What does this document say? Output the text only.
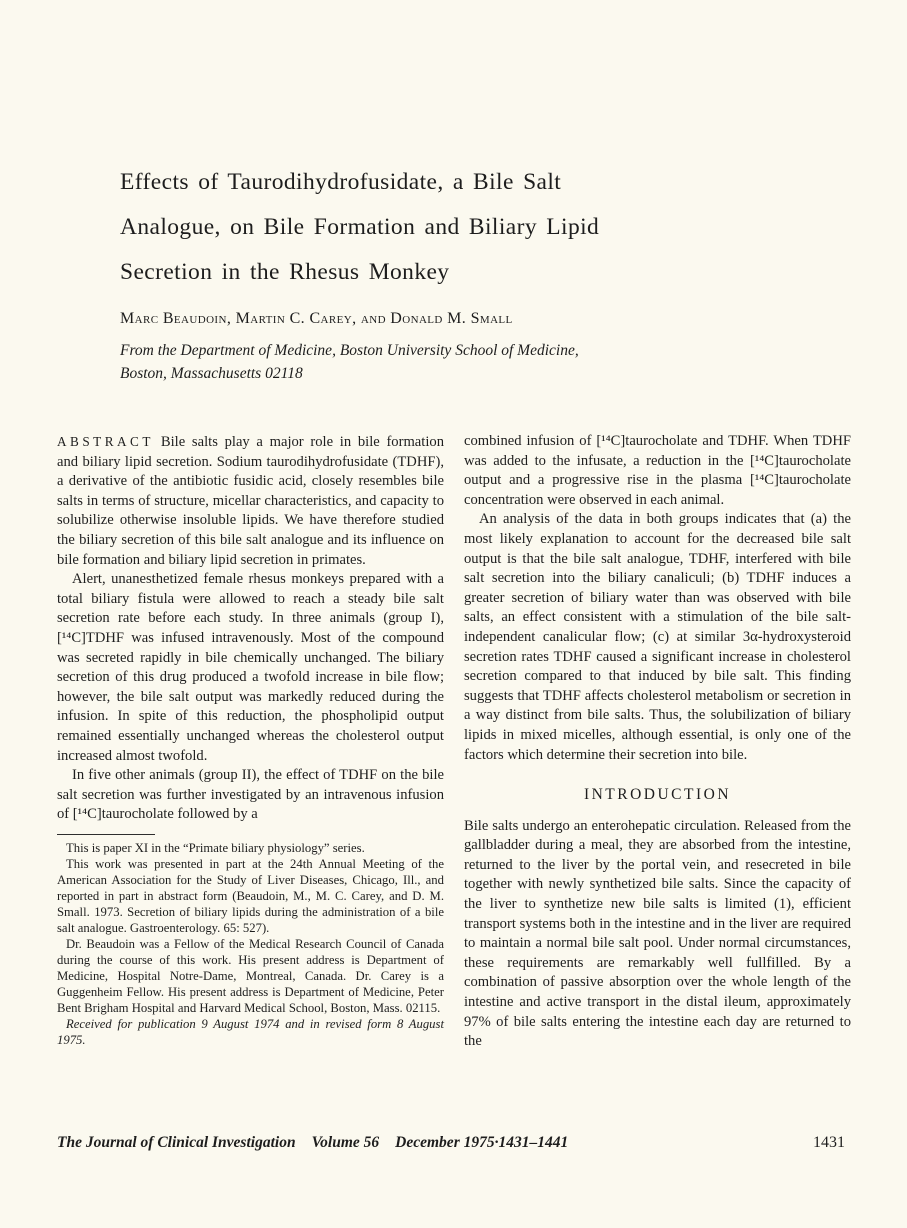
Effects of Taurodihydrofusidate, a Bile Salt
Analogue, on Bile Formation and Biliary Lipid
Secretion in the Rhesus Monkey
Marc Beaudoin, Martin C. Carey, and Donald M. Small
From the Department of Medicine, Boston University School of Medicine,
Boston, Massachusetts 02118

ABSTRACT Bile salts play a major role in bile formation and biliary lipid secretion. Sodium taurodihydrofusidate (TDHF), a derivative of the antibiotic fusidic acid, closely resembles bile salts in terms of structure, micellar characteristics, and capacity to solubilize otherwise insoluble lipids. We have therefore studied the biliary secretion of this bile salt analogue and its influence on bile formation and biliary lipid secretion in primates.

Alert, unanesthetized female rhesus monkeys prepared with a total biliary fistula were allowed to reach a steady bile salt secretion rate before each study. In three animals (group I), [¹⁴C]TDHF was infused intravenously. Most of the compound was secreted rapidly in bile chemically unchanged. The biliary secretion of this drug produced a twofold increase in bile flow; however, the bile salt output was markedly reduced during the infusion. In spite of this reduction, the phospholipid output remained essentially unchanged whereas the cholesterol output increased almost twofold.

In five other animals (group II), the effect of TDHF on the bile salt secretion was further investigated by an intravenous infusion of [¹⁴C]taurocholate followed by a

This is paper XI in the “Primate biliary physiology” series.

This work was presented in part at the 24th Annual Meeting of the American Association for the Study of Liver Diseases, Chicago, Ill., and reported in part in abstract form (Beaudoin, M., M. C. Carey, and D. M. Small. 1973. Secretion of biliary lipids during the administration of a bile salt analogue. Gastroenterology. 65: 527).

Dr. Beaudoin was a Fellow of the Medical Research Council of Canada during the course of this work. His present address is Department of Medicine, Hospital Notre-Dame, Montreal, Canada. Dr. Carey is a Guggenheim Fellow. His present address is Department of Medicine, Peter Bent Brigham Hospital and Harvard Medical School, Boston, Mass. 02115.

Received for publication 9 August 1974 and in revised form 8 August 1975.

combined infusion of [¹⁴C]taurocholate and TDHF. When TDHF was added to the infusate, a reduction in the [¹⁴C]taurocholate output and a progressive rise in the plasma [¹⁴C]taurocholate concentration were observed in each animal.

An analysis of the data in both groups indicates that (a) the most likely explanation to account for the decreased bile salt output is that the bile salt analogue, TDHF, interfered with bile salt secretion into the biliary canaliculi; (b) TDHF induces a greater secretion of biliary water than was observed with bile salts, an effect consistent with a stimulation of the bile salt-independent canalicular flow; (c) at similar 3α-hydroxysteroid secretion rates TDHF caused a significant increase in cholesterol secretion compared to that induced by bile salt. This finding suggests that TDHF affects cholesterol metabolism or secretion in a way distinct from bile salts. Thus, the solubilization of biliary lipids in mixed micelles, although essential, is only one of the factors which determine their secretion into bile.

INTRODUCTION

Bile salts undergo an enterohepatic circulation. Released from the gallbladder during a meal, they are absorbed from the intestine, returned to the liver by the portal vein, and resecreted in bile together with newly synthetized bile salts. Since the capacity of the liver to synthetize new bile salts is limited (1), efficient transport systems both in the intestine and in the liver are required to maintain a normal bile salt pool. Under normal circumstances, these requirements are remarkably well fullfilled. By a combination of passive absorption over the whole length of the intestine and active transport in the distal ileum, approximately 97% of bile salts entering the intestine each day are returned to the

The Journal of Clinical Investigation Volume 56 December 1975·1431–1441	1431
